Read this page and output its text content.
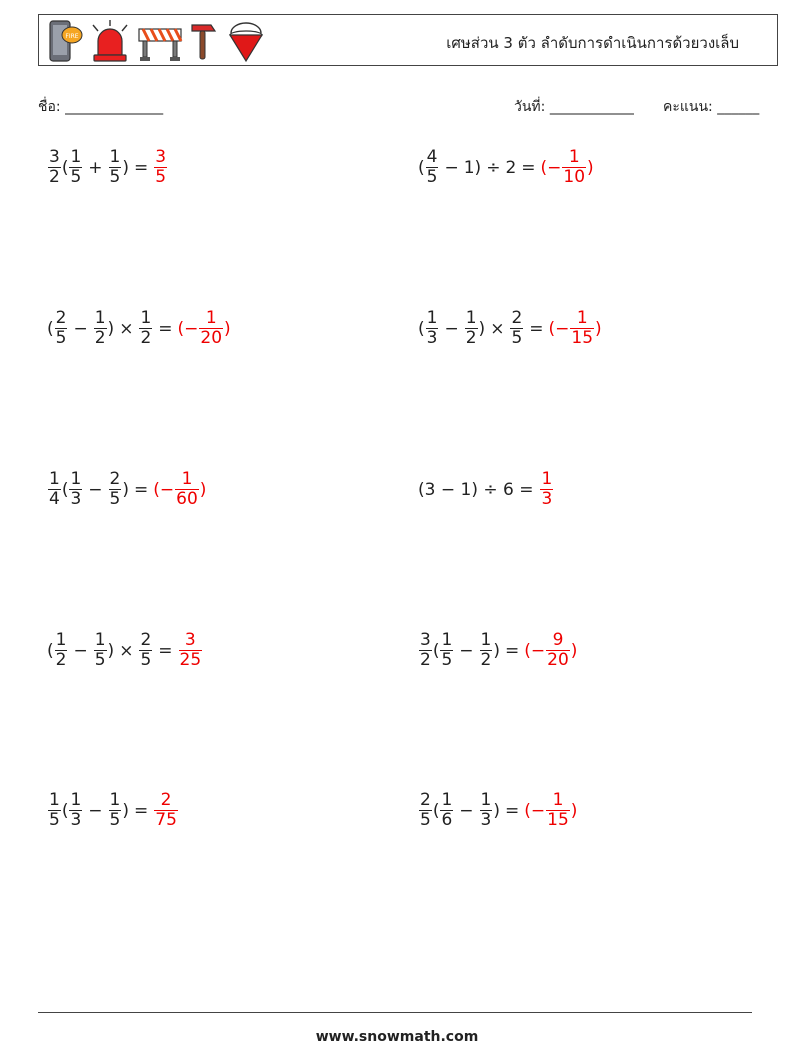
FIRE	เศษส่วน 3 ตัว ลำดับการดำเนินการด้วยวงเล็บ
ชื่อ: ______________	วันที่: ____________ คะแนน: ______
$\frac{3}{2}$ ( $\frac{1}{5} + \frac{1}{5}$ ) = $\frac{3}{5}$	( $\frac{4}{5} - 1$ ) ÷ 2 = (− $\frac{1}{10}$ )
( $\frac{2}{5} - \frac{1}{2}$ ) × $\frac{1}{2}$ = (− $\frac{1}{20}$ )	( $\frac{1}{3} - \frac{1}{2}$ ) × $\frac{2}{5}$ = (− $\frac{1}{15}$ )
$\frac{1}{4}$ ( $\frac{1}{3} - \frac{2}{5}$ ) = (− $\frac{1}{60}$ )	$(3 - 1) \div 6 = \frac{1}{3}$
( $\frac{1}{2} - \frac{1}{5}$ ) × $\frac{2}{5} = \frac{3}{25}$	$\frac{3}{2}$ ( $\frac{1}{5} - \frac{1}{2}$ ) = (− $\frac{9}{20}$ )
$\frac{1}{5}$ ( $\frac{1}{3} - \frac{1}{5}$ ) = $\frac{2}{75}$	$\frac{2}{5}$ ( $\frac{1}{6} - \frac{1}{3}$ ) = (− $\frac{1}{15}$ )
www.snowmath.com
